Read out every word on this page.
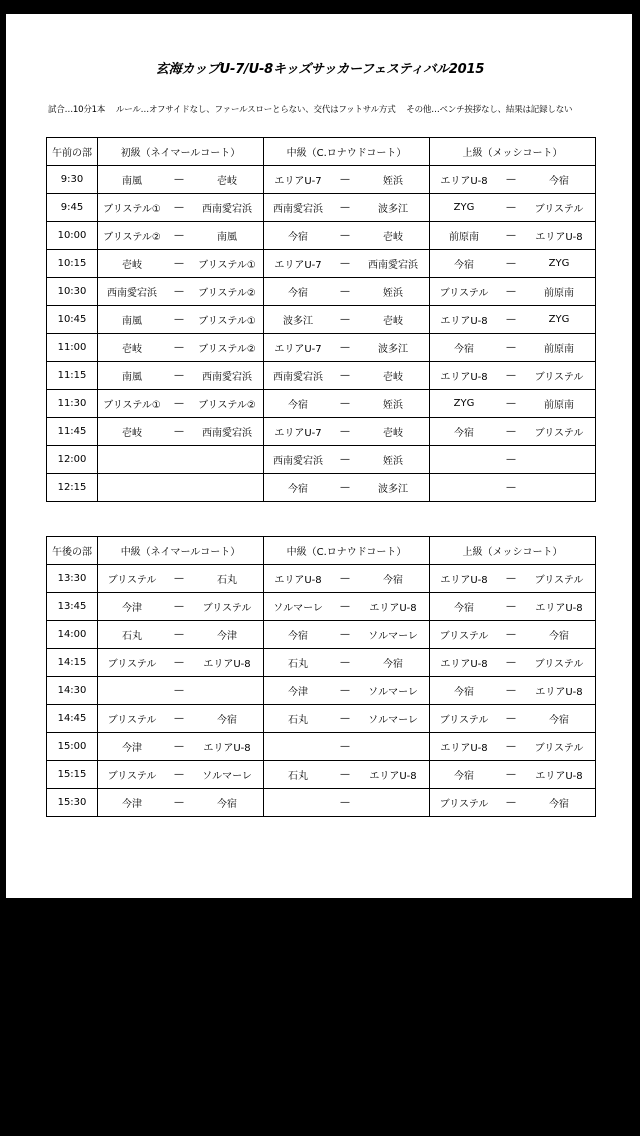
玄海カップU-7/U-8キッズサッカーフェスティバル2015
試合…10分1本　 ルール…オフサイドなし、ファールスローとらない、交代はフットサル方式　 その他…ベンチ挨拶なし、結果は記録しない
午前の部	初級（ネイマールコート）	中級（C.ロナウドコート）	上級（メッシコート）
9:30	南風 — 壱岐	エリアU-7 — 姪浜	エリアU-8 — 今宿

9:45	ブリステル① — 西南愛宕浜	西南愛宕浜 — 波多江	ZYG — ブリステル

10:00	ブリステル② — 南風	今宿 — 壱岐	前原南 — エリアU-8

10:15	壱岐 — ブリステル①	エリアU-7 — 西南愛宕浜	今宿 — ZYG

10:30	西南愛宕浜 — ブリステル②	今宿 — 姪浜	ブリステル — 前原南

10:45	南風 — ブリステル①	波多江 — 壱岐	エリアU-8 — ZYG

11:00	壱岐 — ブリステル②	エリアU-7 — 波多江	今宿 — 前原南

11:15	南風 — 西南愛宕浜	西南愛宕浜 — 壱岐	エリアU-8 — ブリステル

11:30	ブリステル① — ブリステル②	今宿 — 姪浜	ZYG — 前原南

11:45	壱岐 — 西南愛宕浜	エリアU-7 — 壱岐	今宿 — ブリステル

12:00		西南愛宕浜 — 姪浜	—

12:15		今宿 — 波多江	—
午後の部	中級（ネイマールコート）	中級（C.ロナウドコート）	上級（メッシコート）
13:30	ブリステル — 石丸	エリアU-8 — 今宿	エリアU-8 — ブリステル

13:45	今津 — ブリステル	ソルマーレ — エリアU-8	今宿 — エリアU-8

14:00	石丸 — 今津	今宿 — ソルマーレ	ブリステル — 今宿

14:15	ブリステル — エリアU-8	石丸 — 今宿	エリアU-8 — ブリステル

14:30	—	今津 — ソルマーレ	今宿 — エリアU-8

14:45	ブリステル — 今宿	石丸 — ソルマーレ	ブリステル — 今宿

15:00	今津 — エリアU-8	—	エリアU-8 — ブリステル

15:15	ブリステル — ソルマーレ	石丸 — エリアU-8	今宿 — エリアU-8

15:30	今津 — 今宿	—	ブリステル — 今宿
